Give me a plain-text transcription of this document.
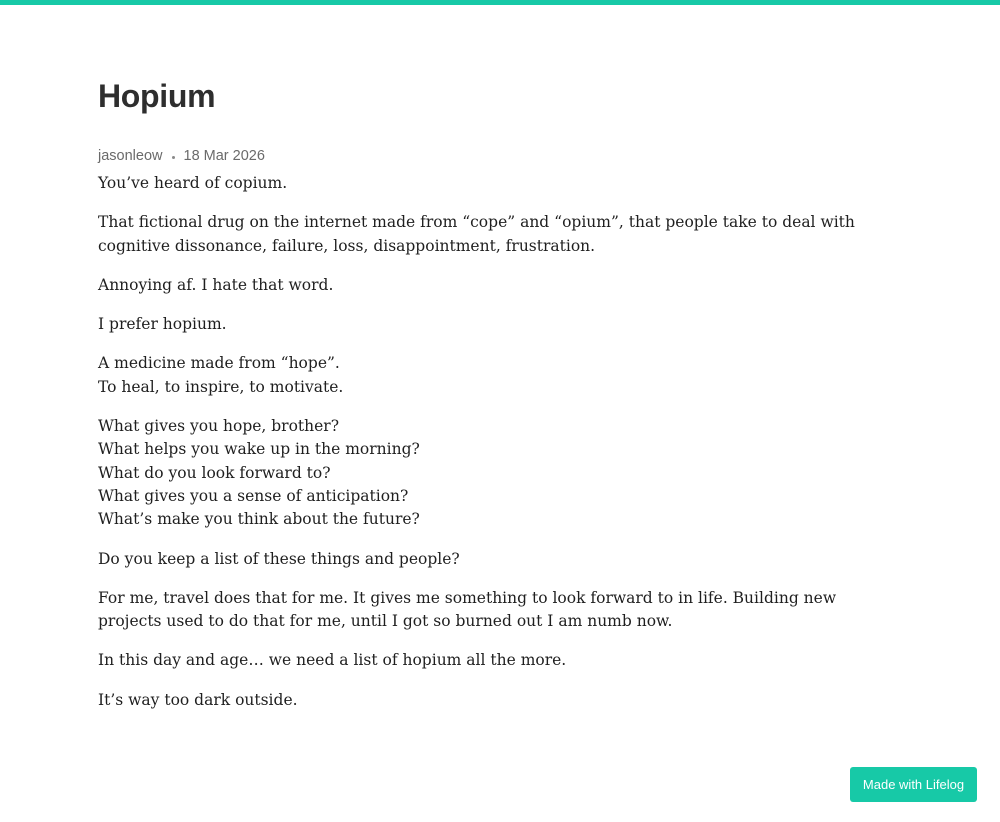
Hopium
jasonleow 18 Mar 2026

You’ve heard of copium.

That fictional drug on the internet made from “cope” and “opium”, that people take to deal with cognitive dissonance, failure, loss, disappointment, frustration.

Annoying af. I hate that word.

I prefer hopium.

A medicine made from “hope”.
To heal, to inspire, to motivate.

What gives you hope, brother?
What helps you wake up in the morning?
What do you look forward to?
What gives you a sense of anticipation?
What’s make you think about the future?

Do you keep a list of these things and people?

For me, travel does that for me. It gives me something to look forward to in life. Building new projects used to do that for me, until I got so burned out I am numb now.

In this day and age… we need a list of hopium all the more.

It’s way too dark outside.

Made with Lifelog
